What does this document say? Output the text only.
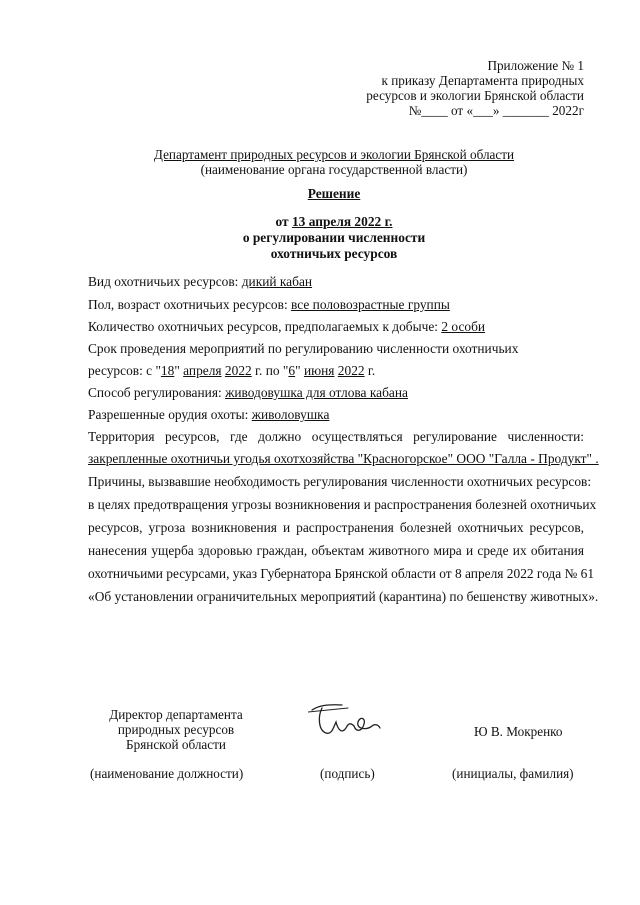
Приложение № 1
к приказу Департамента природных
ресурсов и экологии Брянской области
№____ от «___» _______ 2022г
Департамент природных ресурсов и экологии Брянской области
(наименование органа государственной власти)
Решение
от 13 апреля 2022 г.
о регулировании численности
охотничьих ресурсов
Вид охотничьих ресурсов: дикий кабан
Пол, возраст охотничьих ресурсов: все половозрастные группы
Количество охотничьих ресурсов, предполагаемых к добыче: 2 особи
Срок проведения мероприятий по регулированию численности охотничьих
ресурсов: с "18" апреля 2022 г. по "6" июня 2022 г.
Способ регулирования: живодовушка для отлова кабана
Разрешенные орудия охоты: живоловушка
Территория ресурсов, где должно осуществляться регулирование численности:
закрепленные охотничьи угодья охотхозяйства "Красногорское" ООО "Галла - Продукт" .
Причины, вызвавшие необходимость регулирования численности охотничьих ресурсов:
в целях предотвращения угрозы возникновения и распространения болезней охотничьих
ресурсов, угроза возникновения и распространения болезней охотничьих ресурсов,
нанесения ущерба здоровью граждан, объектам животного мира и среде их обитания
охотничьими ресурсами, указ Губернатора Брянской области от 8 апреля 2022 года № 61
«Об установлении ограничительных мероприятий (карантина) по бешенству животных».
Директор департамента
природных ресурсов
Брянской области
Ю В. Мокренко
(наименование должности)	(подпись)	(инициалы, фамилия)
